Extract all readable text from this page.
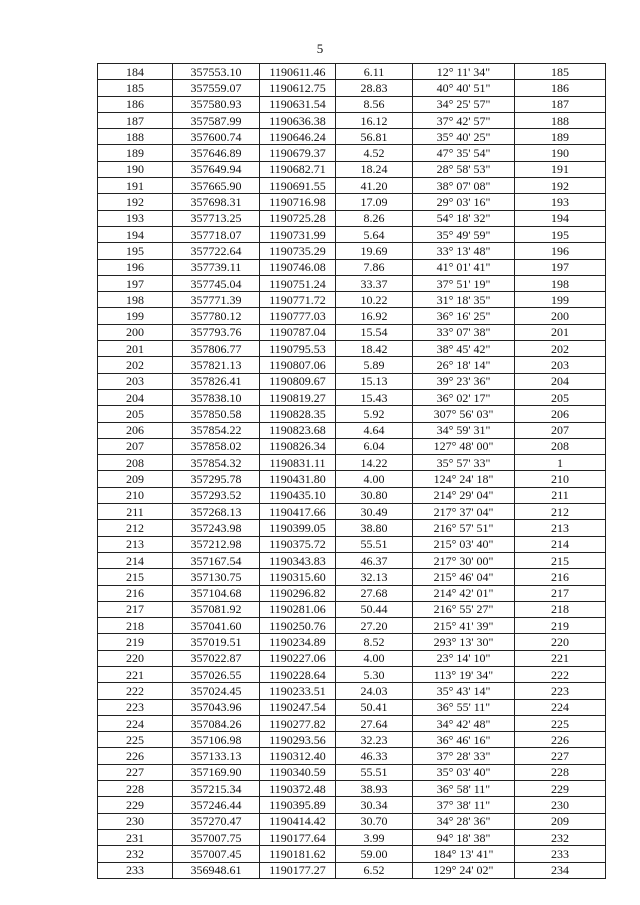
5
184	357553.10	1190611.46	6.11	12° 11' 34"	185
185	357559.07	1190612.75	28.83	40° 40' 51"	186
186	357580.93	1190631.54	8.56	34° 25' 57"	187
187	357587.99	1190636.38	16.12	37° 42' 57"	188
188	357600.74	1190646.24	56.81	35° 40' 25"	189
189	357646.89	1190679.37	4.52	47° 35' 54"	190
190	357649.94	1190682.71	18.24	28° 58' 53"	191
191	357665.90	1190691.55	41.20	38° 07' 08"	192
192	357698.31	1190716.98	17.09	29° 03' 16"	193
193	357713.25	1190725.28	8.26	54° 18' 32"	194
194	357718.07	1190731.99	5.64	35° 49' 59"	195
195	357722.64	1190735.29	19.69	33° 13' 48"	196
196	357739.11	1190746.08	7.86	41° 01' 41"	197
197	357745.04	1190751.24	33.37	37° 51' 19"	198
198	357771.39	1190771.72	10.22	31° 18' 35"	199
199	357780.12	1190777.03	16.92	36° 16' 25"	200
200	357793.76	1190787.04	15.54	33° 07' 38"	201
201	357806.77	1190795.53	18.42	38° 45' 42"	202
202	357821.13	1190807.06	5.89	26° 18' 14"	203
203	357826.41	1190809.67	15.13	39° 23' 36"	204
204	357838.10	1190819.27	15.43	36° 02' 17"	205
205	357850.58	1190828.35	5.92	307° 56' 03"	206
206	357854.22	1190823.68	4.64	34° 59' 31"	207
207	357858.02	1190826.34	6.04	127° 48' 00"	208
208	357854.32	1190831.11	14.22	35° 57' 33"	1
209	357295.78	1190431.80	4.00	124° 24' 18"	210
210	357293.52	1190435.10	30.80	214° 29' 04"	211
211	357268.13	1190417.66	30.49	217° 37' 04"	212
212	357243.98	1190399.05	38.80	216° 57' 51"	213
213	357212.98	1190375.72	55.51	215° 03' 40"	214
214	357167.54	1190343.83	46.37	217° 30' 00"	215
215	357130.75	1190315.60	32.13	215° 46' 04"	216
216	357104.68	1190296.82	27.68	214° 42' 01"	217
217	357081.92	1190281.06	50.44	216° 55' 27"	218
218	357041.60	1190250.76	27.20	215° 41' 39"	219
219	357019.51	1190234.89	8.52	293° 13' 30"	220
220	357022.87	1190227.06	4.00	23° 14' 10"	221
221	357026.55	1190228.64	5.30	113° 19' 34"	222
222	357024.45	1190233.51	24.03	35° 43' 14"	223
223	357043.96	1190247.54	50.41	36° 55' 11"	224
224	357084.26	1190277.82	27.64	34° 42' 48"	225
225	357106.98	1190293.56	32.23	36° 46' 16"	226
226	357133.13	1190312.40	46.33	37° 28' 33"	227
227	357169.90	1190340.59	55.51	35° 03' 40"	228
228	357215.34	1190372.48	38.93	36° 58' 11"	229
229	357246.44	1190395.89	30.34	37° 38' 11"	230
230	357270.47	1190414.42	30.70	34° 28' 36"	209
231	357007.75	1190177.64	3.99	94° 18' 38"	232
232	357007.45	1190181.62	59.00	184° 13' 41"	233
233	356948.61	1190177.27	6.52	129° 24' 02"	234
